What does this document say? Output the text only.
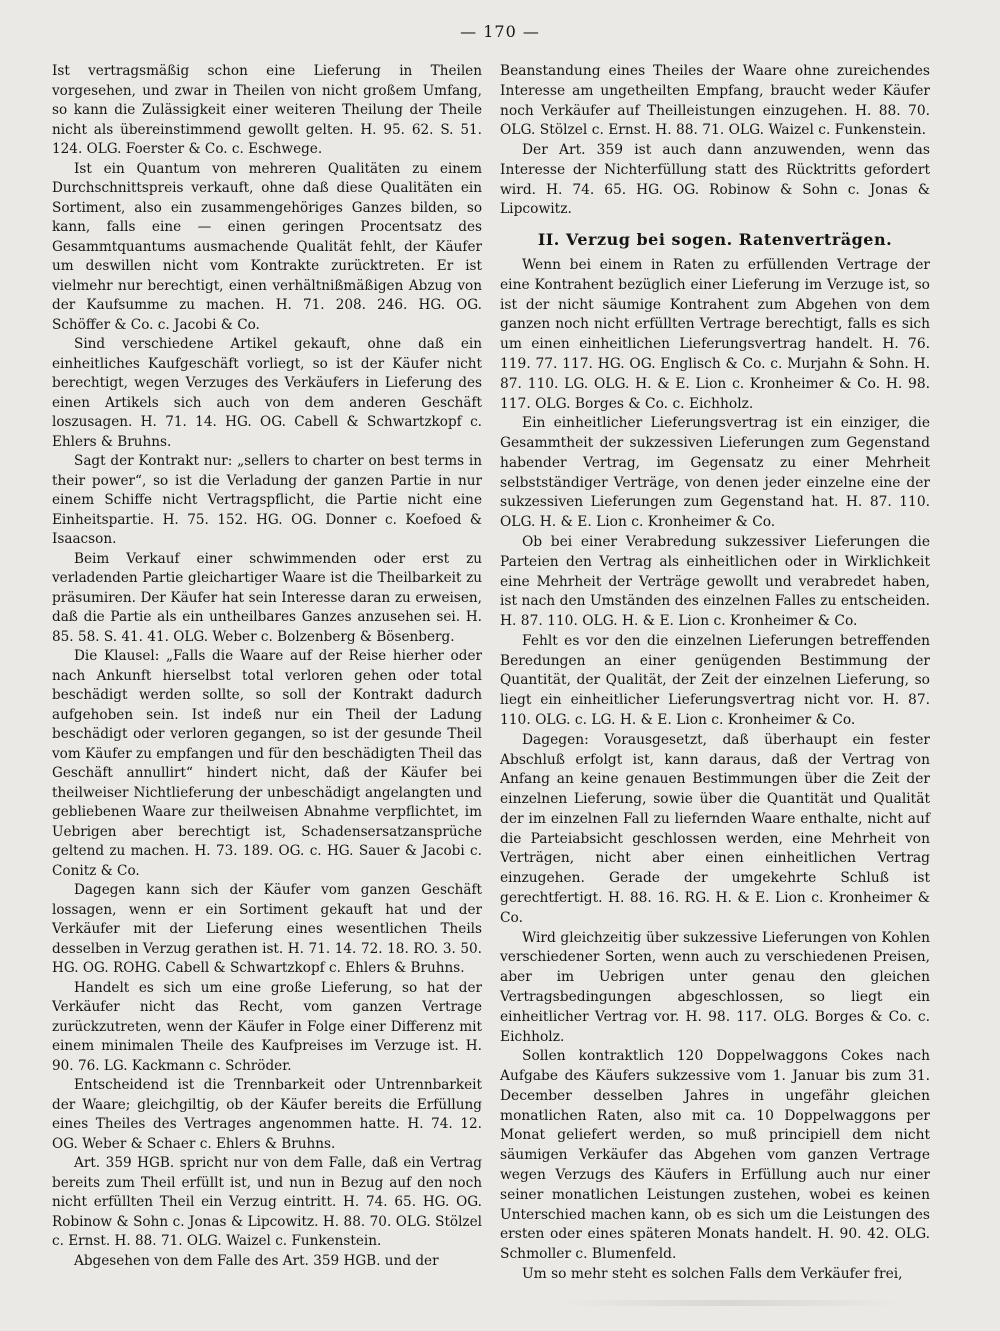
— 170 —

Ist vertragsmäßig schon eine Lieferung in Theilen vorgesehen, und zwar in Theilen von nicht großem Umfang, so kann die Zulässigkeit einer weiteren Theilung der Theile nicht als übereinstimmend gewollt gelten. H. 95. 62. S. 51. 124. OLG. Foerster & Co. c. Eschwege.

Ist ein Quantum von mehreren Qualitäten zu einem Durchschnittspreis verkauft, ohne daß diese Qualitäten ein Sortiment, also ein zusammengehöriges Ganzes bilden, so kann, falls eine — einen geringen Procentsatz des Gesammtquantums ausmachende Qualität fehlt, der Käufer um deswillen nicht vom Kontrakte zurücktreten. Er ist vielmehr nur berechtigt, einen verhältnißmäßigen Abzug von der Kaufsumme zu machen. H. 71. 208. 246. HG. OG. Schöffer & Co. c. Jacobi & Co.

Sind verschiedene Artikel gekauft, ohne daß ein einheitliches Kaufgeschäft vorliegt, so ist der Käufer nicht berechtigt, wegen Verzuges des Verkäufers in Lieferung des einen Artikels sich auch von dem anderen Geschäft loszusagen. H. 71. 14. HG. OG. Cabell & Schwartzkopf c. Ehlers & Bruhns.

Sagt der Kontrakt nur: „sellers to charter on best terms in their power“, so ist die Verladung der ganzen Partie in nur einem Schiffe nicht Vertragspflicht, die Partie nicht eine Einheitspartie. H. 75. 152. HG. OG. Donner c. Koefoed & Isaacson.

Beim Verkauf einer schwimmenden oder erst zu verladenden Partie gleichartiger Waare ist die Theilbarkeit zu präsumiren. Der Käufer hat sein Interesse daran zu erweisen, daß die Partie als ein untheilbares Ganzes anzusehen sei. H. 85. 58. S. 41. 41. OLG. Weber c. Bolzenberg & Bösenberg.

Die Klausel: „Falls die Waare auf der Reise hierher oder nach Ankunft hierselbst total verloren gehen oder total beschädigt werden sollte, so soll der Kontrakt dadurch aufgehoben sein. Ist indeß nur ein Theil der Ladung beschädigt oder verloren gegangen, so ist der gesunde Theil vom Käufer zu empfangen und für den beschädigten Theil das Geschäft annullirt“ hindert nicht, daß der Käufer bei theilweiser Nichtlieferung der unbeschädigt angelangten und gebliebenen Waare zur theilweisen Abnahme verpflichtet, im Uebrigen aber berechtigt ist, Schadensersatzansprüche geltend zu machen. H. 73. 189. OG. c. HG. Sauer & Jacobi c. Conitz & Co.

Dagegen kann sich der Käufer vom ganzen Geschäft lossagen, wenn er ein Sortiment gekauft hat und der Verkäufer mit der Lieferung eines wesentlichen Theils desselben in Verzug gerathen ist. H. 71. 14. 72. 18. RO. 3. 50. HG. OG. ROHG. Cabell & Schwartzkopf c. Ehlers & Bruhns.

Handelt es sich um eine große Lieferung, so hat der Verkäufer nicht das Recht, vom ganzen Vertrage zurückzutreten, wenn der Käufer in Folge einer Differenz mit einem minimalen Theile des Kaufpreises im Verzuge ist. H. 90. 76. LG. Kackmann c. Schröder.

Entscheidend ist die Trennbarkeit oder Untrennbarkeit der Waare; gleichgiltig, ob der Käufer bereits die Erfüllung eines Theiles des Vertrages angenommen hatte. H. 74. 12. OG. Weber & Schaer c. Ehlers & Bruhns.

Art. 359 HGB. spricht nur von dem Falle, daß ein Vertrag bereits zum Theil erfüllt ist, und nun in Bezug auf den noch nicht erfüllten Theil ein Verzug eintritt. H. 74. 65. HG. OG. Robinow & Sohn c. Jonas & Lipcowitz. H. 88. 70. OLG. Stölzel c. Ernst. H. 88. 71. OLG. Waizel c. Funkenstein.

Abgesehen von dem Falle des Art. 359 HGB. und der

Beanstandung eines Theiles der Waare ohne zureichendes Interesse am ungetheilten Empfang, braucht weder Käufer noch Verkäufer auf Theilleistungen einzugehen. H. 88. 70. OLG. Stölzel c. Ernst. H. 88. 71. OLG. Waizel c. Funkenstein.

Der Art. 359 ist auch dann anzuwenden, wenn das Interesse der Nichterfüllung statt des Rücktritts gefordert wird. H. 74. 65. HG. OG. Robinow & Sohn c. Jonas & Lipcowitz.

II. Verzug bei sogen. Ratenverträgen.

Wenn bei einem in Raten zu erfüllenden Vertrage der eine Kontrahent bezüglich einer Lieferung im Verzuge ist, so ist der nicht säumige Kontrahent zum Abgehen von dem ganzen noch nicht erfüllten Vertrage berechtigt, falls es sich um einen einheitlichen Lieferungsvertrag handelt. H. 76. 119. 77. 117. HG. OG. Englisch & Co. c. Murjahn & Sohn. H. 87. 110. LG. OLG. H. & E. Lion c. Kronheimer & Co. H. 98. 117. OLG. Borges & Co. c. Eichholz.

Ein einheitlicher Lieferungsvertrag ist ein einziger, die Gesammtheit der sukzessiven Lieferungen zum Gegenstand habender Vertrag, im Gegensatz zu einer Mehrheit selbstständiger Verträge, von denen jeder einzelne eine der sukzessiven Lieferungen zum Gegenstand hat. H. 87. 110. OLG. H. & E. Lion c. Kronheimer & Co.

Ob bei einer Verabredung sukzessiver Lieferungen die Parteien den Vertrag als einheitlichen oder in Wirklichkeit eine Mehrheit der Verträge gewollt und verabredet haben, ist nach den Umständen des einzelnen Falles zu entscheiden. H. 87. 110. OLG. H. & E. Lion c. Kronheimer & Co.

Fehlt es vor den die einzelnen Lieferungen betreffenden Beredungen an einer genügenden Bestimmung der Quantität, der Qualität, der Zeit der einzelnen Lieferung, so liegt ein einheitlicher Lieferungsvertrag nicht vor. H. 87. 110. OLG. c. LG. H. & E. Lion c. Kronheimer & Co.

Dagegen: Vorausgesetzt, daß überhaupt ein fester Abschluß erfolgt ist, kann daraus, daß der Vertrag von Anfang an keine genauen Bestimmungen über die Zeit der einzelnen Lieferung, sowie über die Quantität und Qualität der im einzelnen Fall zu liefernden Waare enthalte, nicht auf die Parteiabsicht geschlossen werden, eine Mehrheit von Verträgen, nicht aber einen einheitlichen Vertrag einzugehen. Gerade der umgekehrte Schluß ist gerechtfertigt. H. 88. 16. RG. H. & E. Lion c. Kronheimer & Co.

Wird gleichzeitig über sukzessive Lieferungen von Kohlen verschiedener Sorten, wenn auch zu verschiedenen Preisen, aber im Uebrigen unter genau den gleichen Vertragsbedingungen abgeschlossen, so liegt ein einheitlicher Vertrag vor. H. 98. 117. OLG. Borges & Co. c. Eichholz.

Sollen kontraktlich 120 Doppelwaggons Cokes nach Aufgabe des Käufers sukzessive vom 1. Januar bis zum 31. December desselben Jahres in ungefähr gleichen monatlichen Raten, also mit ca. 10 Doppelwaggons per Monat geliefert werden, so muß principiell dem nicht säumigen Verkäufer das Abgehen vom ganzen Vertrage wegen Verzugs des Käufers in Erfüllung auch nur einer seiner monatlichen Leistungen zustehen, wobei es keinen Unterschied machen kann, ob es sich um die Leistungen des ersten oder eines späteren Monats handelt. H. 90. 42. OLG. Schmoller c. Blumenfeld.

Um so mehr steht es solchen Falls dem Verkäufer frei,
